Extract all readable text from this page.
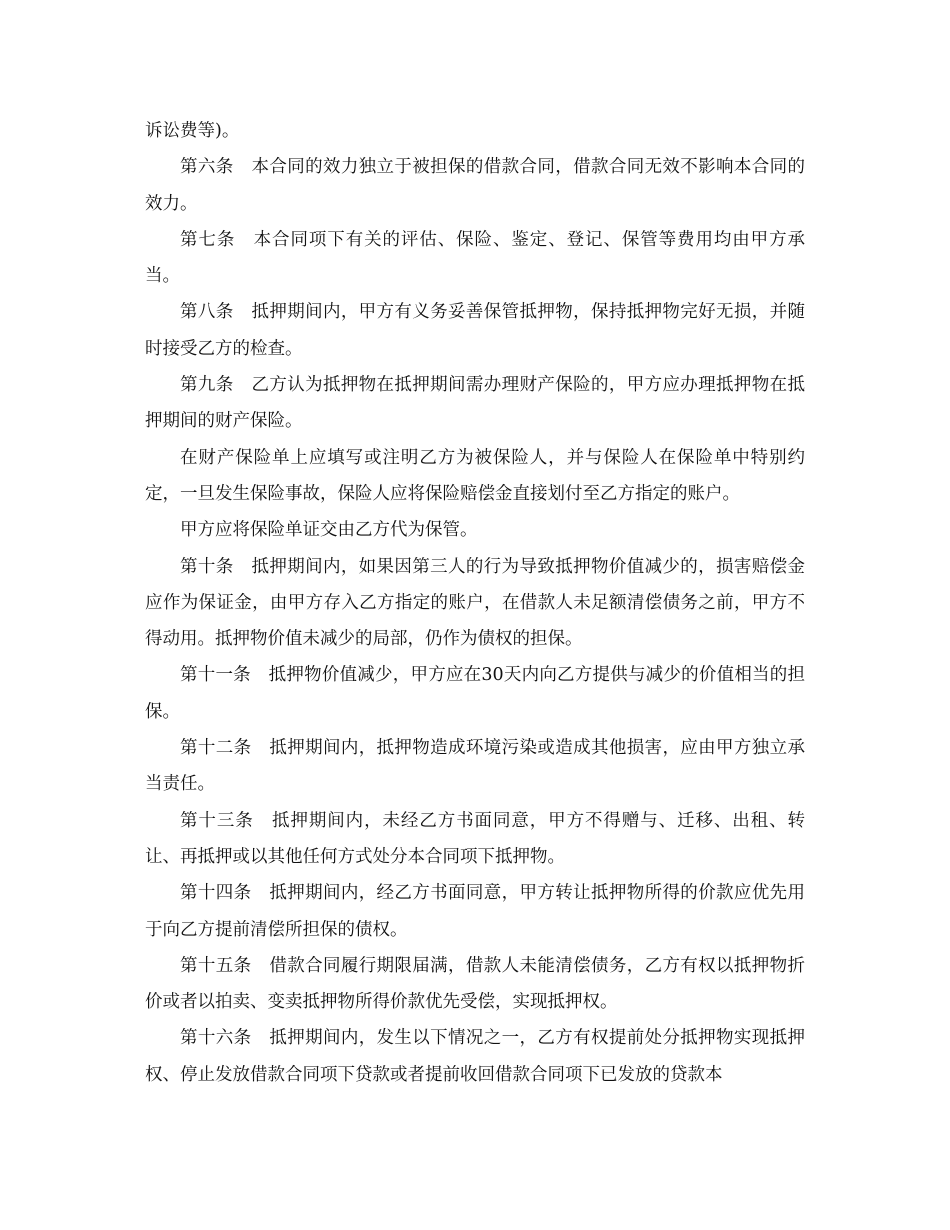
诉讼费等)。

第六条 本合同的效力独立于被担保的借款合同，借款合同无效不影响本合同的效力。

第七条 本合同项下有关的评估、保险、鉴定、登记、保管等费用均由甲方承当。

第八条 抵押期间内，甲方有义务妥善保管抵押物，保持抵押物完好无损，并随时接受乙方的检查。

第九条 乙方认为抵押物在抵押期间需办理财产保险的，甲方应办理抵押物在抵押期间的财产保险。

在财产保险单上应填写或注明乙方为被保险人，并与保险人在保险单中特别约定，一旦发生保险事故，保险人应将保险赔偿金直接划付至乙方指定的账户。

甲方应将保险单证交由乙方代为保管。

第十条 抵押期间内，如果因第三人的行为导致抵押物价值减少的，损害赔偿金应作为保证金，由甲方存入乙方指定的账户，在借款人未足额清偿债务之前，甲方不得动用。抵押物价值未减少的局部，仍作为债权的担保。

第十一条 抵押物价值减少，甲方应在30天内向乙方提供与减少的价值相当的担保。

第十二条 抵押期间内，抵押物造成环境污染或造成其他损害，应由甲方独立承当责任。

第十三条 抵押期间内，未经乙方书面同意，甲方不得赠与、迁移、出租、转让、再抵押或以其他任何方式处分本合同项下抵押物。

第十四条 抵押期间内，经乙方书面同意，甲方转让抵押物所得的价款应优先用于向乙方提前清偿所担保的债权。

第十五条 借款合同履行期限届满，借款人未能清偿债务，乙方有权以抵押物折价或者以拍卖、变卖抵押物所得价款优先受偿，实现抵押权。

第十六条 抵押期间内，发生以下情况之一，乙方有权提前处分抵押物实现抵押权、停止发放借款合同项下贷款或者提前收回借款合同项下已发放的贷款本
